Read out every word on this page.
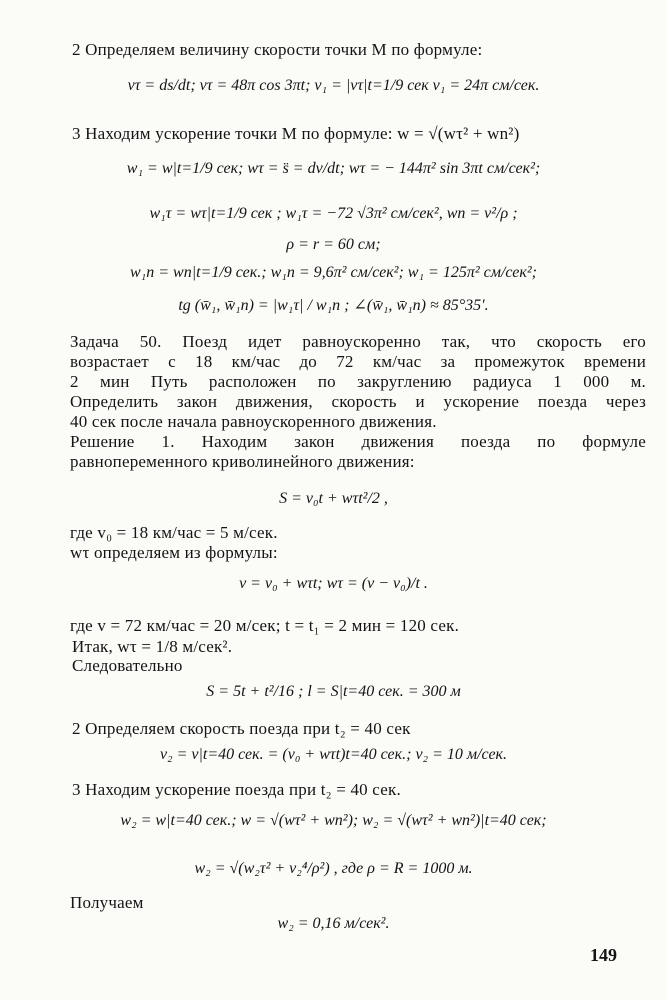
2 Определяем величину скорости точки M по формуле:
vτ = ds/dt; vτ = 48π cos 3πt; v₁ = |vτ|t=1/9 сек v₁ = 24π см/сек.
3 Находим ускорение точки M по формуле: w = √(wτ² + wn²)
w₁ = w|t=1/9 сек; wτ = s̈ = dv/dt; wτ = − 144π² sin 3πt см/сек²;
w₁τ = wτ|t=1/9 сек ; w₁τ = −72 √3π² см/сек², wn = v²/ρ ;
ρ = r = 60 см;
w₁n = wn|t=1/9 сек.; w₁n = 9,6π² см/сек²; w₁ = 125π² см/сек²;
tg (w̄₁, w̄₁n) = |w₁τ| / w₁n ; ∠(w̄₁, w̄₁n) ≈ 85°35′.
Задача 50. Поезд идет равноускоренно так, что скорость его
возрастает с 18 км/час до 72 км/час за промежуток времени
2 мин Путь расположен по закруглению радиуса 1 000 м.
Определить закон движения, скорость и ускорение поезда через
40 сек после начала равноускоренного движения.
Решение 1. Находим закон движения поезда по формуле
равнопеременного криволинейного движения:
S = v₀t + wτt²/2 ,
где v₀ = 18 км/час = 5 м/сек.
wτ определяем из формулы:
v = v₀ + wτt; wτ = (v − v₀)/t .
где v = 72 км/час = 20 м/сек; t = t₁ = 2 мин = 120 сек.
Итак, wτ = 1/8 м/сек².
Следовательно
S = 5t + t²/16 ; l = S|t=40 сек. = 300 м
2 Определяем скорость поезда при t₂ = 40 сек
v₂ = v|t=40 сек. = (v₀ + wτt)t=40 сек.; v₂ = 10 м/сек.
3 Находим ускорение поезда при t₂ = 40 сек.
w₂ = w|t=40 сек.; w = √(wτ² + wn²); w₂ = √(wτ² + wn²)|t=40 сек;
w₂ = √(w₂τ² + v₂⁴/ρ²) , где ρ = R = 1000 м.
Получаем
w₂ = 0,16 м/сек².
149
